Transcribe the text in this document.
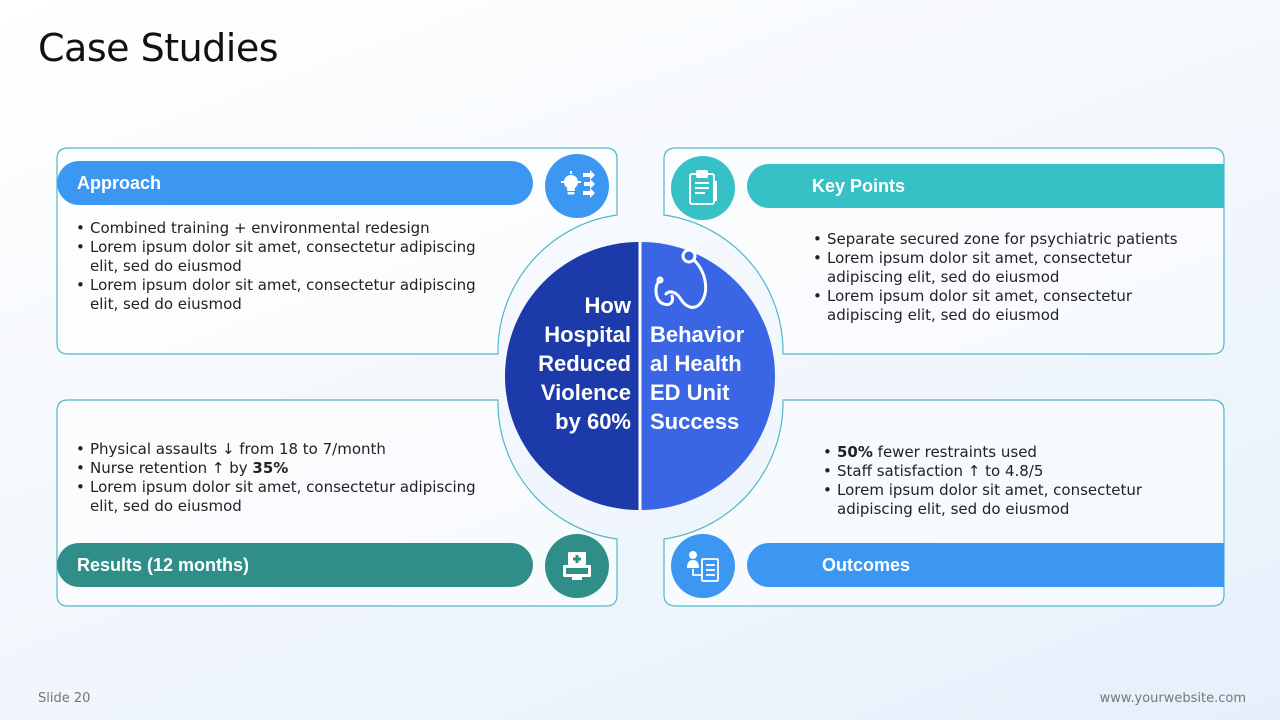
Case Studies
How
Hospital
Reduced
Violence
by 60%
Behavior
al Health
ED Unit
Success
Approach
• Combined training + environmental redesign
• Lorem ipsum dolor sit amet, consectetur adipiscing elit, sed do eiusmod
• Lorem ipsum dolor sit amet, consectetur adipiscing elit, sed do eiusmod
Key Points
• Separate secured zone for psychiatric patients
• Lorem ipsum dolor sit amet, consectetur adipiscing elit, sed do eiusmod
• Lorem ipsum dolor sit amet, consectetur adipiscing elit, sed do eiusmod
• Physical assaults ↓ from 18 to 7/month
• Nurse retention ↑ by 35%
• Lorem ipsum dolor sit amet, consectetur adipiscing elit, sed do eiusmod
Results (12 months)
• 50% fewer restraints used
• Staff satisfaction ↑ to 4.8/5
• Lorem ipsum dolor sit amet, consectetur adipiscing elit, sed do eiusmod
Outcomes
Slide 20	www.yourwebsite.com
